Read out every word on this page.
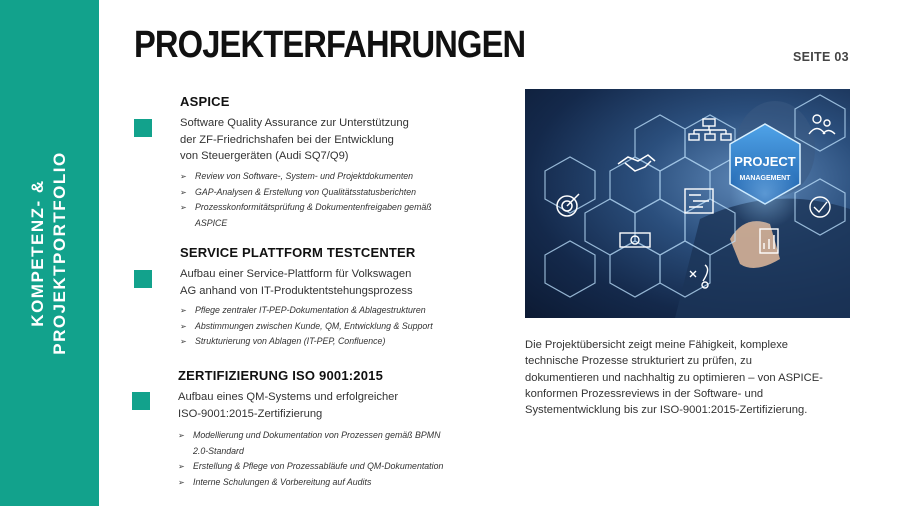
KOMPETENZ- & PROJEKTPORTFOLIO
PROJEKTERFAHRUNGEN	SEITE 03
ASPICE
Software Quality Assurance zur Unterstützung
der ZF-Friedrichshafen bei der Entwicklung
von Steuergeräten (Audi SQ7/Q9)
➢ Review von Software-, System- und Projektdokumenten
➢ GAP-Analysen & Erstellung von Qualitätsstatusberichten
➢ Prozesskonformitätsprüfung & Dokumentenfreigaben gemäß
ASPICE
SERVICE PLATTFORM TESTCENTER
Aufbau einer Service-Plattform für Volkswagen
AG anhand von IT-Produktentstehungsprozess
➢ Pflege zentraler IT-PEP-Dokumentation & Ablagestrukturen
➢ Abstimmungen zwischen Kunde, QM, Entwicklung & Support
➢ Strukturierung von Ablagen (IT-PEP, Confluence)
ZERTIFIZIERUNG ISO 9001:2015
Aufbau eines QM-Systems und erfolgreicher
ISO-9001:2015-Zertifizierung
➢ Modellierung und Dokumentation von Prozessen gemäß BPMN
2.0-Standard
➢ Erstellung & Pflege von Prozessabläufe und QM-Dokumentation
➢ Interne Schulungen & Vorbereitung auf Audits
PROJECT
MANAGEMENT
Die Projektübersicht zeigt meine Fähigkeit, komplexe
technische Prozesse strukturiert zu prüfen, zu
dokumentieren und nachhaltig zu optimieren – von ASPICE-
konformen Prozessreviews in der Software- und
Systementwicklung bis zur ISO-9001:2015-Zertifizierung.
